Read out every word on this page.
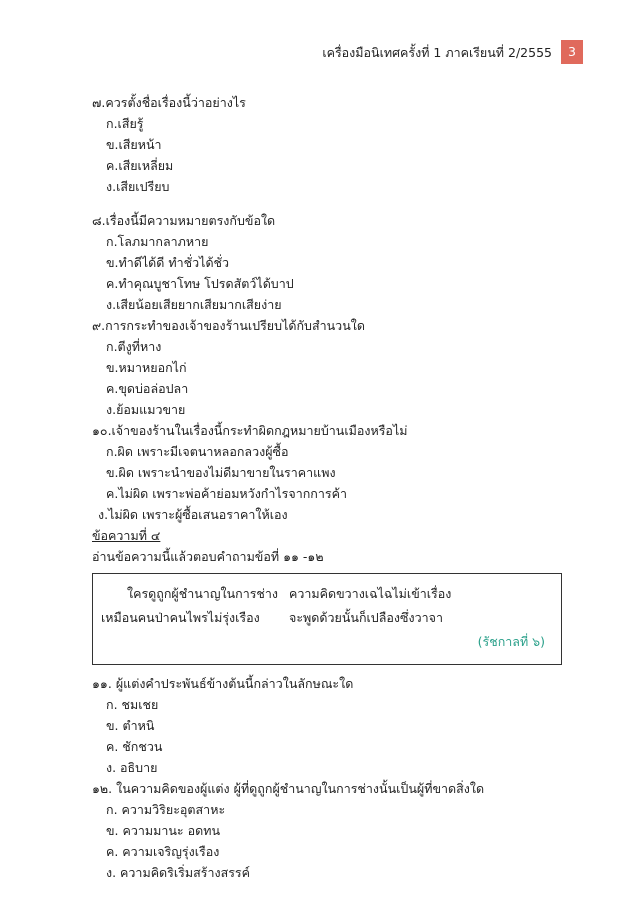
เครื่องมือนิเทศครั้งที่ 1 ภาคเรียนที่ 2/2555	3
๗.ควรตั้งชื่อเรื่องนี้ว่าอย่างไร
ก.เสียรู้
ข.เสียหน้า
ค.เสียเหลี่ยม
ง.เสียเปรียบ
๘.เรื่องนี้มีความหมายตรงกับข้อใด
ก.โลภมากลาภหาย
ข.ทำดีได้ดี ทำชั่วได้ชั่ว
ค.ทำคุณบูชาโทษ โปรดสัตว์ได้บาป
ง.เสียน้อยเสียยากเสียมากเสียง่าย
๙.การกระทำของเจ้าของร้านเปรียบได้กับสำนวนใด
ก.ตีงูที่หาง
ข.หมาหยอกไก่
ค.ขุดบ่อล่อปลา
ง.ย้อมแมวขาย
๑๐.เจ้าของร้านในเรื่องนี้กระทำผิดกฎหมายบ้านเมืองหรือไม่
ก.ผิด เพราะมีเจตนาหลอกลวงผู้ซื้อ
ข.ผิด เพราะนำของไม่ดีมาขายในราคาแพง
ค.ไม่ผิด เพราะพ่อค้าย่อมหวังกำไรจากการค้า
ง.ไม่ผิด เพราะผู้ซื้อเสนอราคาให้เอง
ข้อความที่ ๔
อ่านข้อความนี้แล้วตอบคำถามข้อที่ ๑๑ -๑๒
ใครดูถูกผู้ชำนาญในการช่าง ความคิดขวางเฉไฉไม่เข้าเรื่อง
เหมือนคนป่าคนไพรไม่รุ่งเรือง จะพูดด้วยนั้นก็เปลืองซึ่งวาจา
(รัชกาลที่ ๖)
๑๑. ผู้แต่งคำประพันธ์ข้างต้นนี้กล่าวในลักษณะใด
ก. ชมเชย
ข. ตำหนิ
ค. ชักชวน
ง. อธิบาย
๑๒. ในความคิดของผู้แต่ง ผู้ที่ดูถูกผู้ชำนาญในการช่างนั้นเป็นผู้ที่ขาดสิ่งใด
ก. ความวิริยะอุตสาหะ
ข. ความมานะ อดทน
ค. ความเจริญรุ่งเรือง
ง. ความคิดริเริ่มสร้างสรรค์
